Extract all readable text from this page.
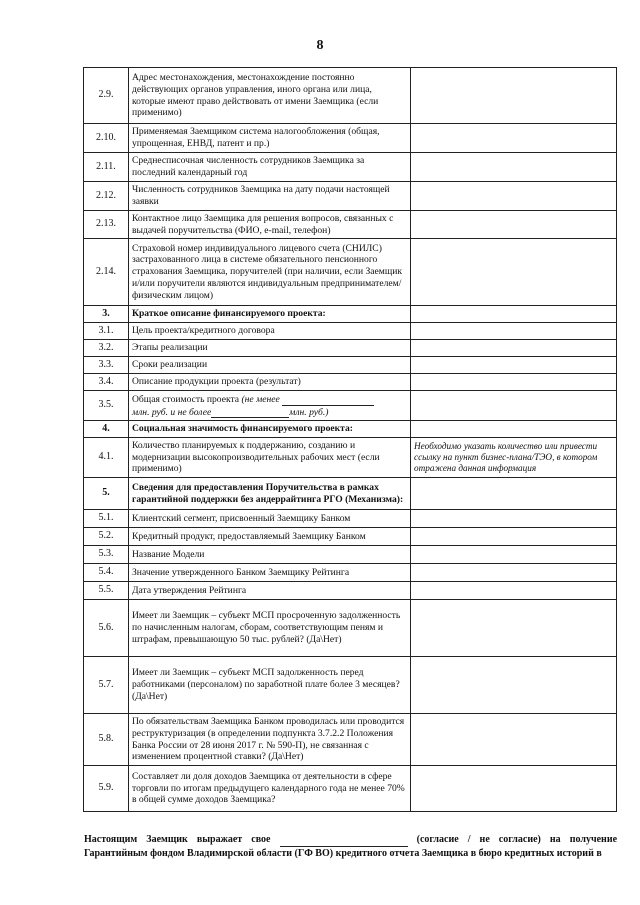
8
2.9.	Адрес местонахождения, местонахождение постоянно действующих органов управления, иного органа или лица, которые имеют право действовать от имени Заемщика (если применимо)	
2.10.	Применяемая Заемщиком система налогообложения (общая, упрощенная, ЕНВД, патент и пр.)	
2.11.	Среднесписочная численность сотрудников Заемщика за последний календарный год	
2.12.	Численность сотрудников Заемщика на дату подачи настоящей заявки	
2.13.	Контактное лицо Заемщика для решения вопросов, связанных с выдачей поручительства (ФИО, e-mail, телефон)	
2.14.	Страховой номер индивидуального лицевого счета (СНИЛС) застрахованного лица в системе обязательного пенсионного страхования Заемщика, поручителей (при наличии, если Заемщик и/или поручители являются индивидуальным предпринимателем/физическим лицом)	
3.	Краткое описание финансируемого проекта:	
3.1.	Цель проекта/кредитного договора	
3.2.	Этапы реализации	
3.3.	Сроки реализации	
3.4.	Описание продукции проекта (результат)	
3.5.	Общая стоимость проекта (не менее
млн. руб. и не более млн. руб.)	
4.	Социальная значимость финансируемого проекта:	
4.1.	Количество планируемых к поддержанию, созданию и модернизации высокопроизводительных рабочих мест (если применимо)	Необходимо указать количество или привести ссылку на пункт бизнес-плана/ТЭО, в котором отражена данная информация
5.	Сведения для предоставления Поручительства в рамках гарантийной поддержки без андеррайтинга РГО (Механизма):	
5.1.	Клиентский сегмент, присвоенный Заемщику Банком	
5.2.	Кредитный продукт, предоставляемый Заемщику Банком	
5.3.	Название Модели	
5.4.	Значение утвержденного Банком Заемщику Рейтинга	
5.5.	Дата утверждения Рейтинга	
5.6.	Имеет ли Заемщик – субъект МСП просроченную задолженность по начисленным налогам, сборам, соответствующим пеням и штрафам, превышающую 50 тыс. рублей? (Да\Нет)	
5.7.	Имеет ли Заемщик – субъект МСП задолженность перед работниками (персоналом) по заработной плате более 3 месяцев? (Да\Нет)	
5.8.	По обязательствам Заемщика Банком проводилась или проводится реструктуризация (в определении подпункта 3.7.2.2 Положения Банка России от 28 июня 2017 г. № 590-П), не связанная с изменением процентной ставки? (Да\Нет)	
5.9.	Составляет ли доля доходов Заемщика от деятельности в сфере торговли по итогам предыдущего календарного года не менее 70% в общей сумме доходов Заемщика?	
Настоящим Заемщик выражает свое	(согласие / не согласие) на получение Гарантийным фондом Владимирской области (ГФ ВО) кредитного отчета Заемщика в бюро кредитных историй в
